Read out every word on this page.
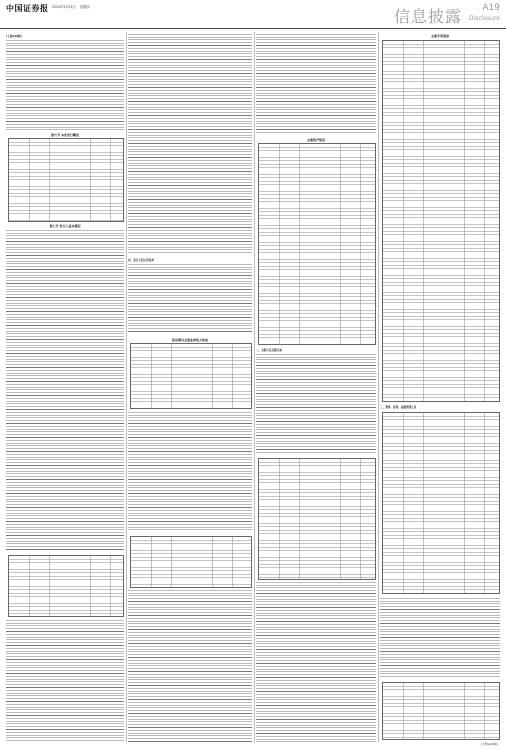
中国证券报 2024年4月25日 星期四	信息披露 A19
Disclosure
(上接A18版)
第六节 本次发行概况
第七节 发行人基本情况
四、发行人的主营业务
报告期内主营业务收入构成
主要资产情况
二、关联方及关联交易
主要专利清单
三、董事、监事、高级管理人员
(下转A20版)
